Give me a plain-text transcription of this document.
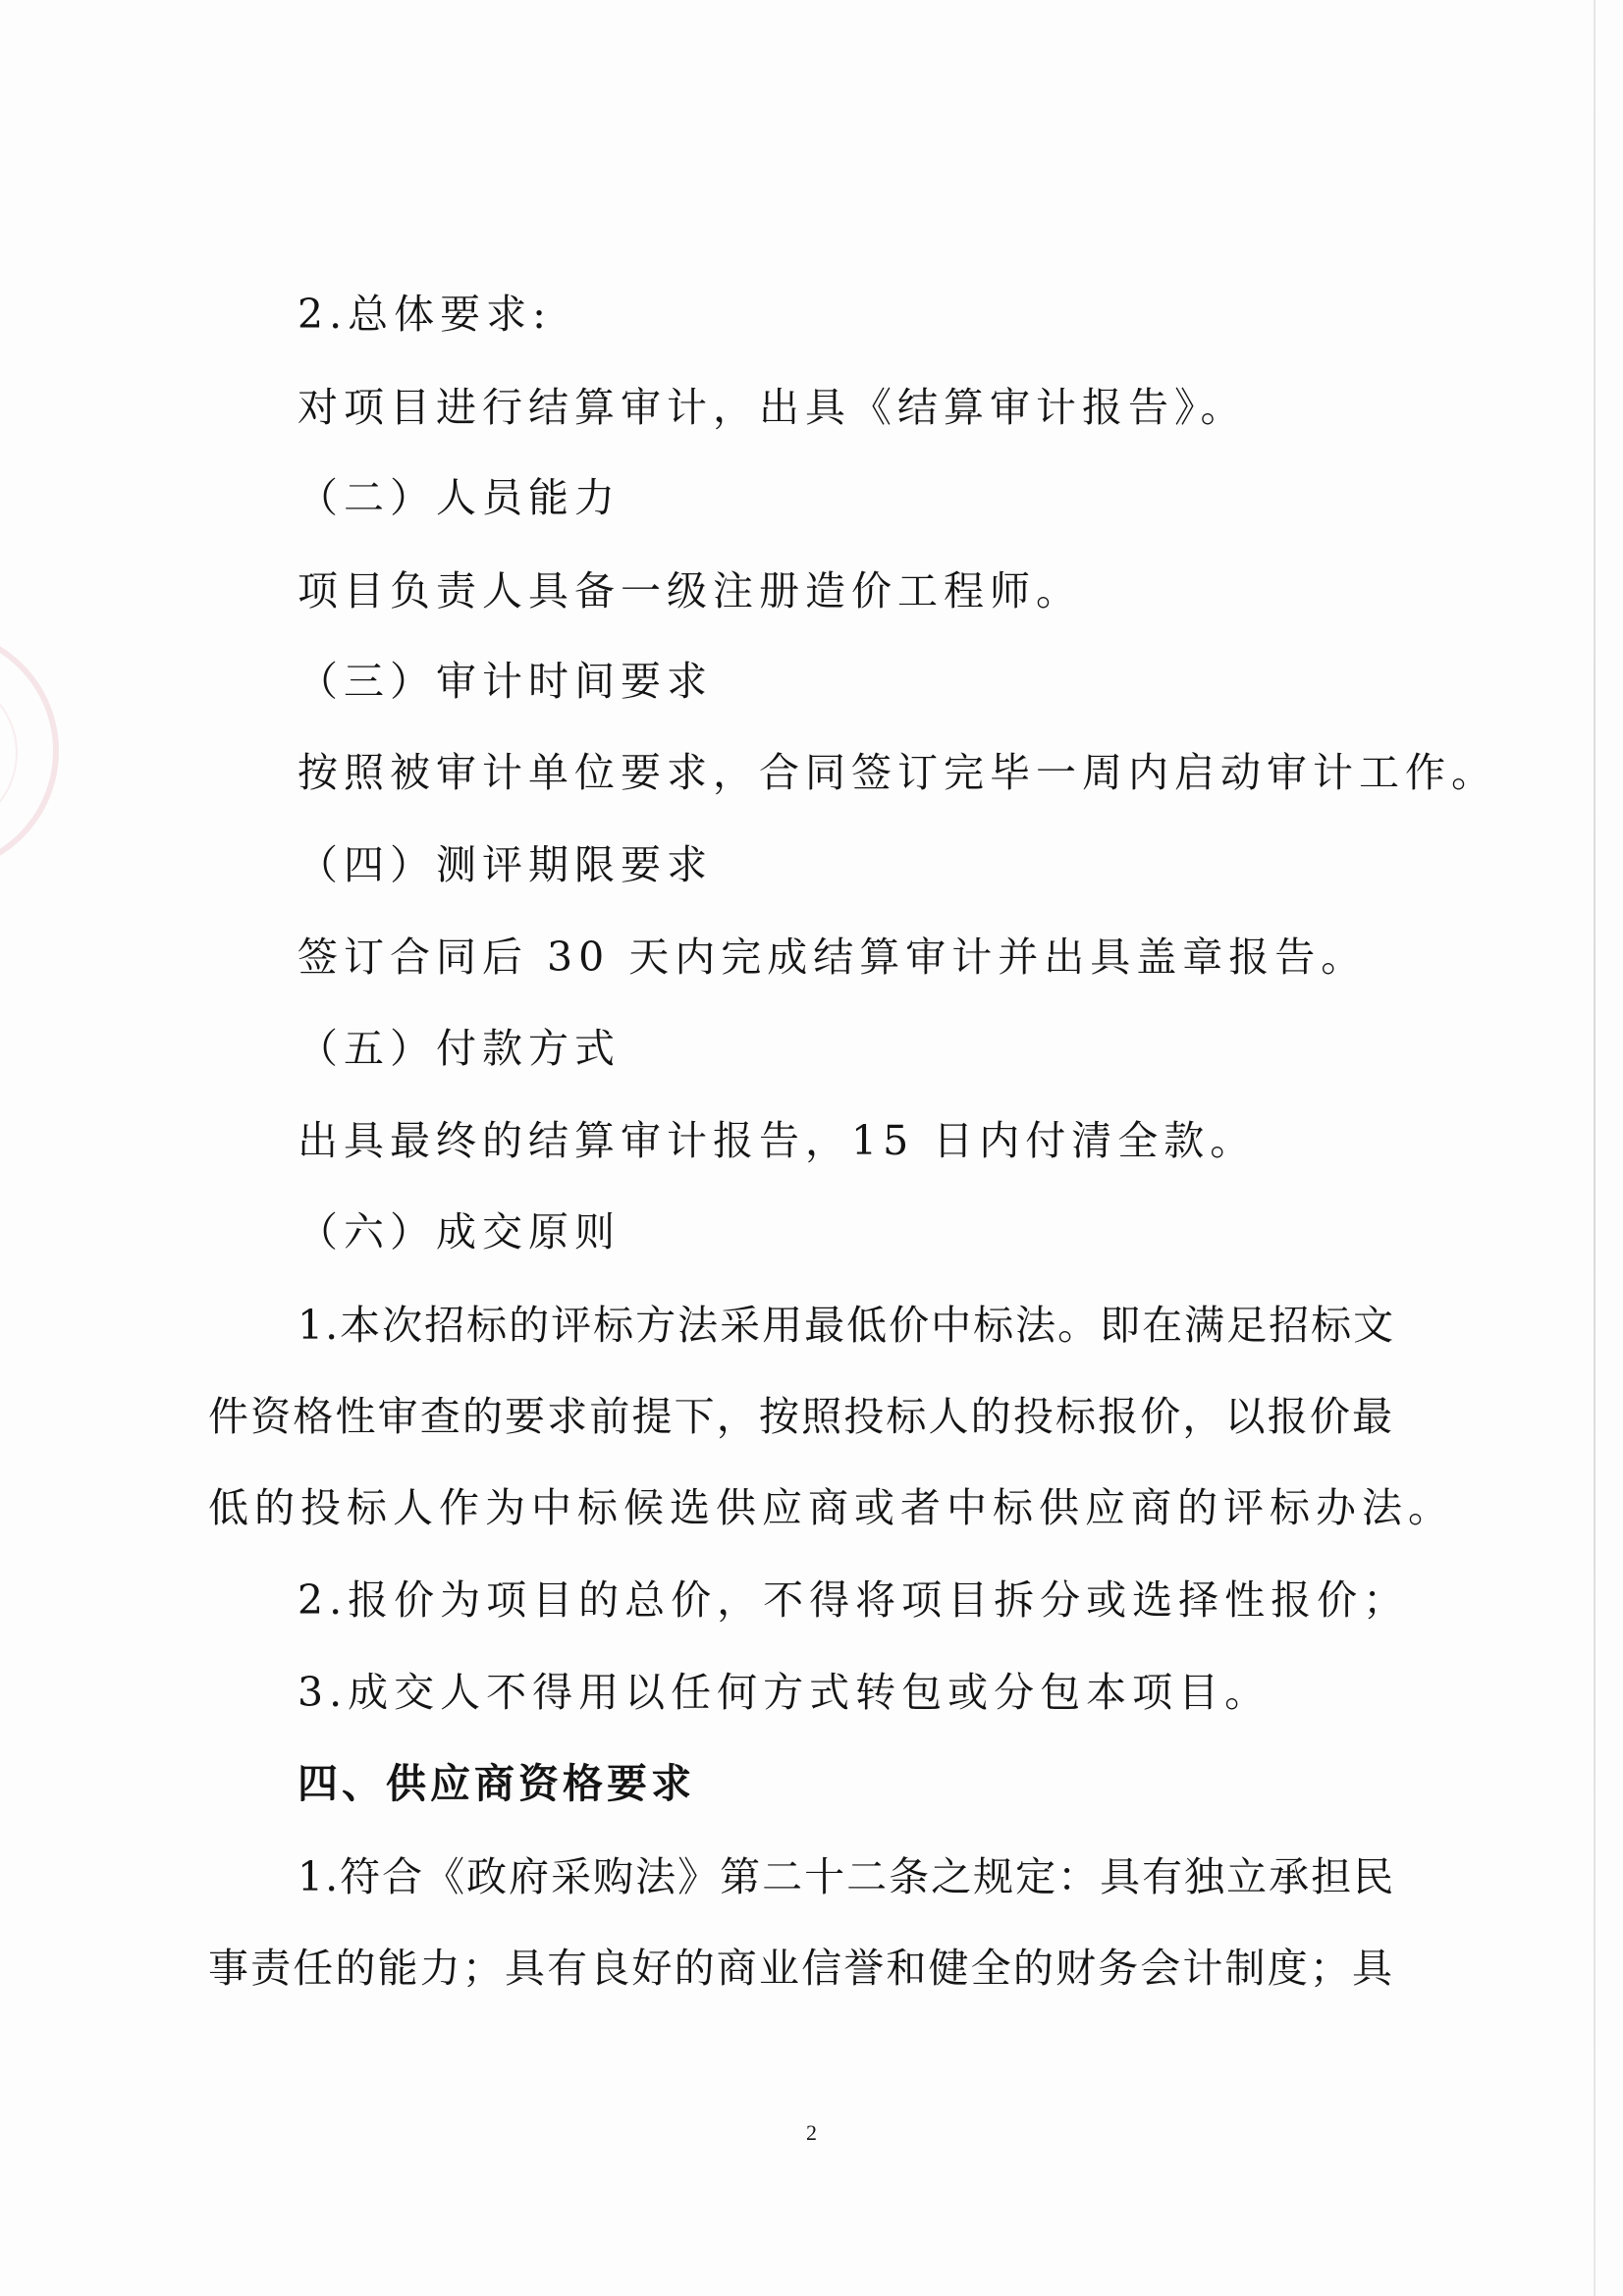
2.总体要求:
对项目进行结算审计，出具《结算审计报告》。
（二）人员能力
项目负责人具备一级注册造价工程师。
（三）审计时间要求
按照被审计单位要求，合同签订完毕一周内启动审计工作。
（四）测评期限要求
签订合同后 30 天内完成结算审计并出具盖章报告。
（五）付款方式
出具最终的结算审计报告，15 日内付清全款。
（六）成交原则
1.本次招标的评标方法采用最低价中标法。即在满足招标文
件资格性审查的要求前提下，按照投标人的投标报价，以报价最
低的投标人作为中标候选供应商或者中标供应商的评标办法。
2.报价为项目的总价，不得将项目拆分或选择性报价；
3.成交人不得用以任何方式转包或分包本项目。
四、供应商资格要求
1.符合《政府采购法》第二十二条之规定：具有独立承担民
事责任的能力；具有良好的商业信誉和健全的财务会计制度；具
2
